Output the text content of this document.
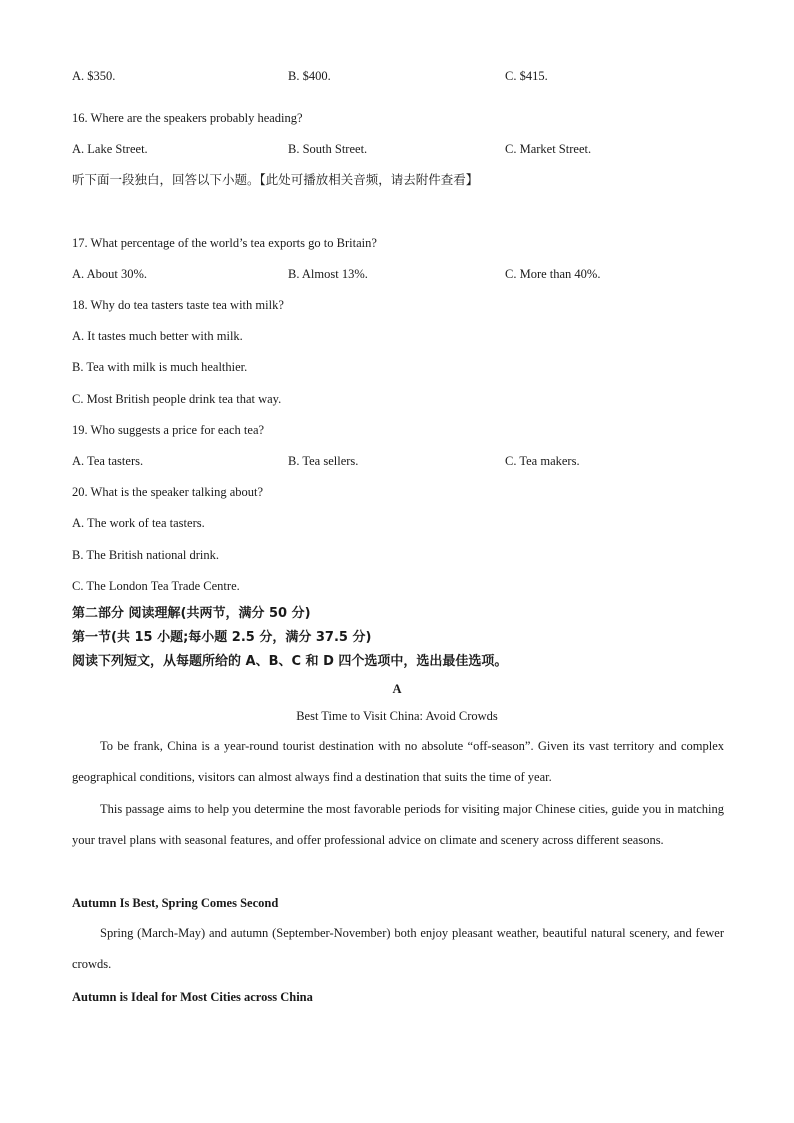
A. $350.	B. $400.	C. $415.
16. Where are the speakers probably heading?
A. Lake Street.	B. South Street.	C. Market Street.
听下面一段独白，回答以下小题。【此处可播放相关音频，请去附件查看】
17. What percentage of the world’s tea exports go to Britain?
A. About 30%.	B. Almost 13%.	C. More than 40%.
18. Why do tea tasters taste tea with milk?
A. It tastes much better with milk.
B. Tea with milk is much healthier.
C. Most British people drink tea that way.
19. Who suggests a price for each tea?
A. Tea tasters.	B. Tea sellers.	C. Tea makers.
20. What is the speaker talking about?
A. The work of tea tasters.
B. The British national drink.
C. The London Tea Trade Centre.
第二部分 阅读理解(共两节，满分 50 分)
第一节(共 15 小题;每小题 2.5 分，满分 37.5 分)
阅读下列短文，从每题所给的 A、B、C 和 D 四个选项中，选出最佳选项。
A
Best Time to Visit China: Avoid Crowds
To be frank, China is a year-round tourist destination with no absolute “off-season”. Given its vast territory and complex geographical conditions, visitors can almost always find a destination that suits the time of year.
This passage aims to help you determine the most favorable periods for visiting major Chinese cities, guide you in matching your travel plans with seasonal features, and offer professional advice on climate and scenery across different seasons.
Autumn Is Best, Spring Comes Second
Spring (March-May) and autumn (September-November) both enjoy pleasant weather, beautiful natural scenery, and fewer crowds.
Autumn is Ideal for Most Cities across China
